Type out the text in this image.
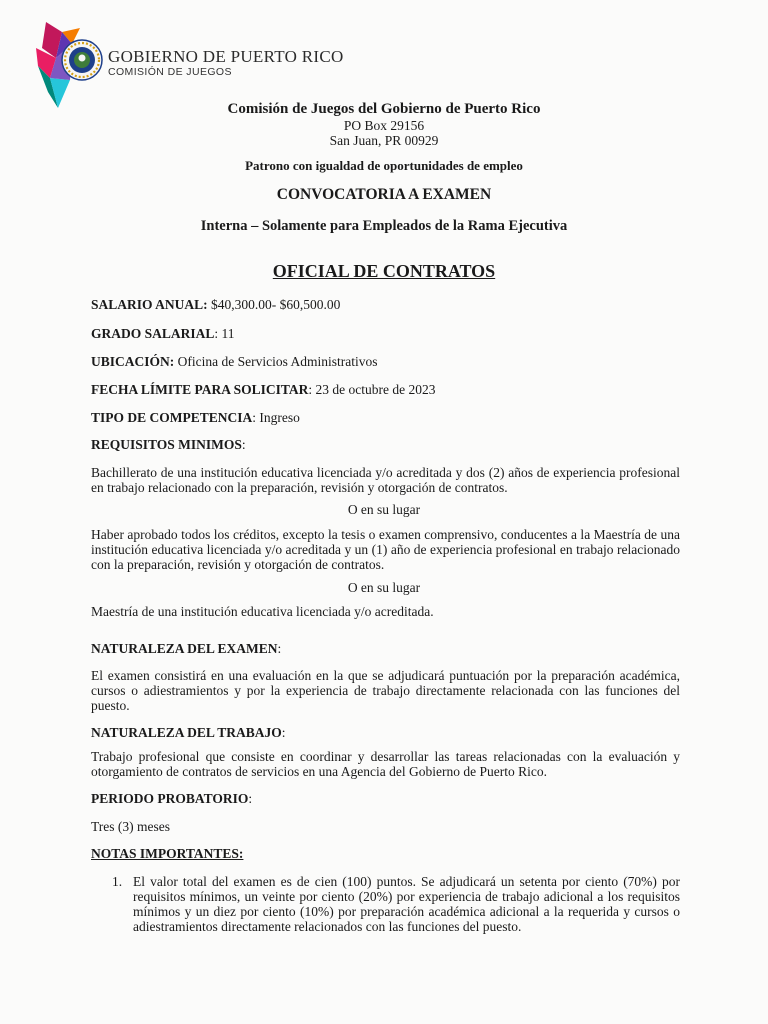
GOBIERNO DE PUERTO RICO
COMISIÓN DE JUEGOS
Comisión de Juegos del Gobierno de Puerto Rico
PO Box 29156
San Juan, PR 00929
Patrono con igualdad de oportunidades de empleo
CONVOCATORIA A EXAMEN
Interna – Solamente para Empleados de la Rama Ejecutiva
OFICIAL DE CONTRATOS
SALARIO ANUAL: $40,300.00- $60,500.00
GRADO SALARIAL: 11
UBICACIÓN: Oficina de Servicios Administrativos
FECHA LÍMITE PARA SOLICITAR: 23 de octubre de 2023
TIPO DE COMPETENCIA: Ingreso
REQUISITOS MINIMOS:
Bachillerato de una institución educativa licenciada y/o acreditada y dos (2) años de experiencia profesional en trabajo relacionado con la preparación, revisión y otorgación de contratos.
O en su lugar
Haber aprobado todos los créditos, excepto la tesis o examen comprensivo, conducentes a la Maestría de una institución educativa licenciada y/o acreditada y un (1) año de experiencia profesional en trabajo relacionado con la preparación, revisión y otorgación de contratos.
O en su lugar
Maestría de una institución educativa licenciada y/o acreditada.
NATURALEZA DEL EXAMEN:
El examen consistirá en una evaluación en la que se adjudicará puntuación por la preparación académica, cursos o adiestramientos y por la experiencia de trabajo directamente relacionada con las funciones del puesto.
NATURALEZA DEL TRABAJO:
Trabajo profesional que consiste en coordinar y desarrollar las tareas relacionadas con la evaluación y otorgamiento de contratos de servicios en una Agencia del Gobierno de Puerto Rico.
PERIODO PROBATORIO:
Tres (3) meses
NOTAS IMPORTANTES:
1. El valor total del examen es de cien (100) puntos. Se adjudicará un setenta por ciento (70%) por requisitos mínimos, un veinte por ciento (20%) por experiencia de trabajo adicional a los requisitos mínimos y un diez por ciento (10%) por preparación académica adicional a la requerida y cursos o adiestramientos directamente relacionados con las funciones del puesto.
